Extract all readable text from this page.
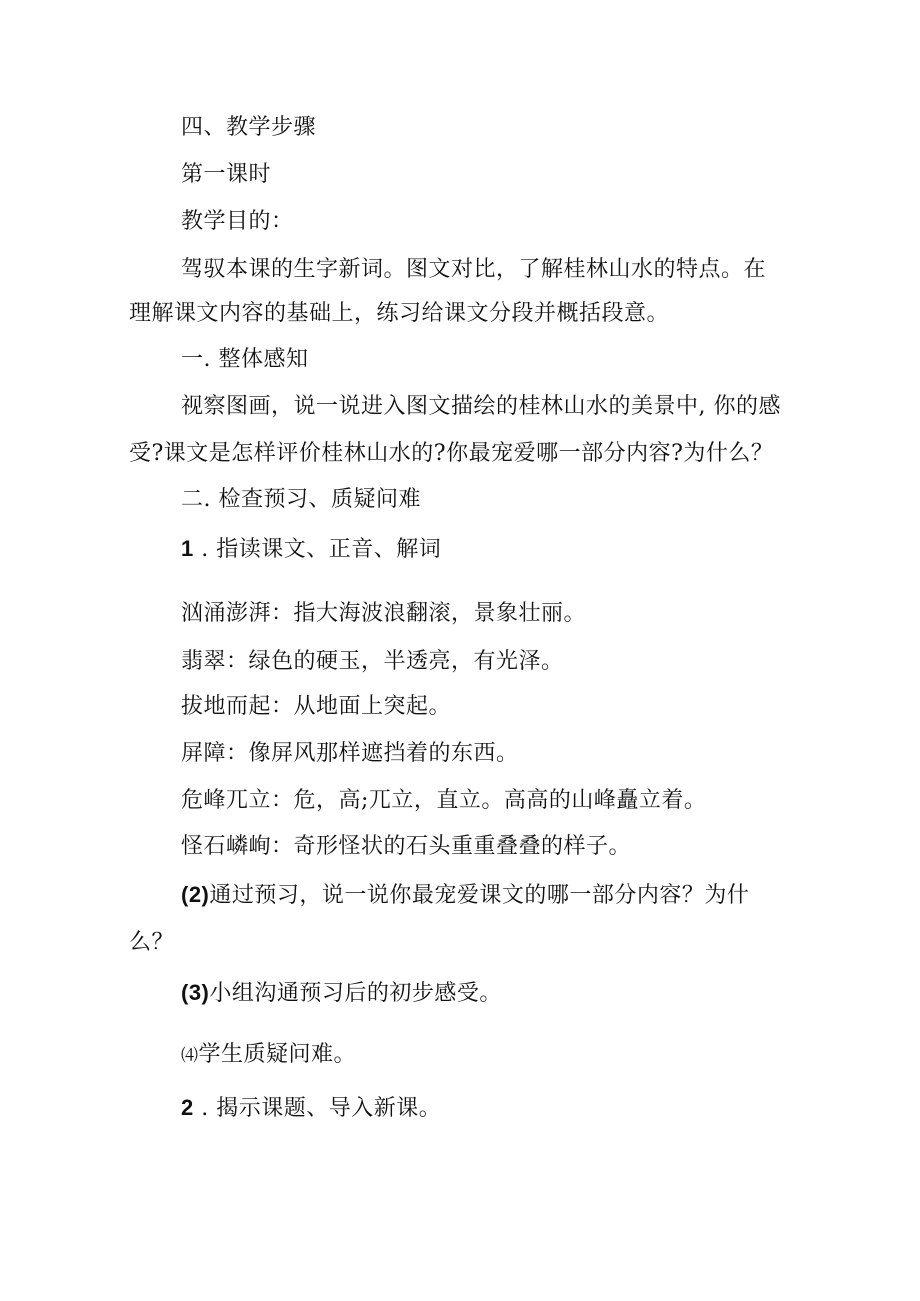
四、教学步骤
第一课时
教学目的：
驾驭本课的生字新词。图文对比，了解桂林山水的特点。在
理解课文内容的基础上，练习给课文分段并概括段意。
一. 整体感知
视察图画，说一说进入图文描绘的桂林山水的美景中, 你的感
受?课文是怎样评价桂林山水的?你最宠爱哪一部分内容?为什么？
二. 检查预习、质疑问难
1 . 指读课文、正音、解词
汹涌澎湃：指大海波浪翻滚，景象壮丽。
翡翠：绿色的硬玉，半透亮，有光泽。
拔地而起：从地面上突起。
屏障：像屏风那样遮挡着的东西。
危峰兀立：危，高;兀立，直立。高高的山峰矗立着。
怪石嶙峋：奇形怪状的石头重重叠叠的样子。
(2)通过预习，说一说你最宠爱课文的哪一部分内容？为什
么？
(3)小组沟通预习后的初步感受。
⑷学生质疑问难。
2 . 揭示课题、导入新课。
